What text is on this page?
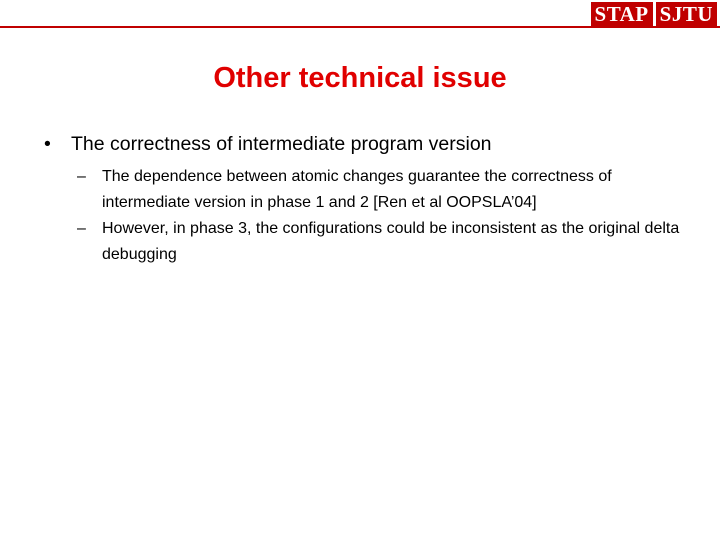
STAP SJTU
Other technical issue
• The correctness of intermediate program version
– The dependence between atomic changes guarantee the correctness of intermediate version in phase 1 and 2 [Ren et al OOPSLA’04]
– However, in phase 3, the configurations could be inconsistent as the original delta debugging
